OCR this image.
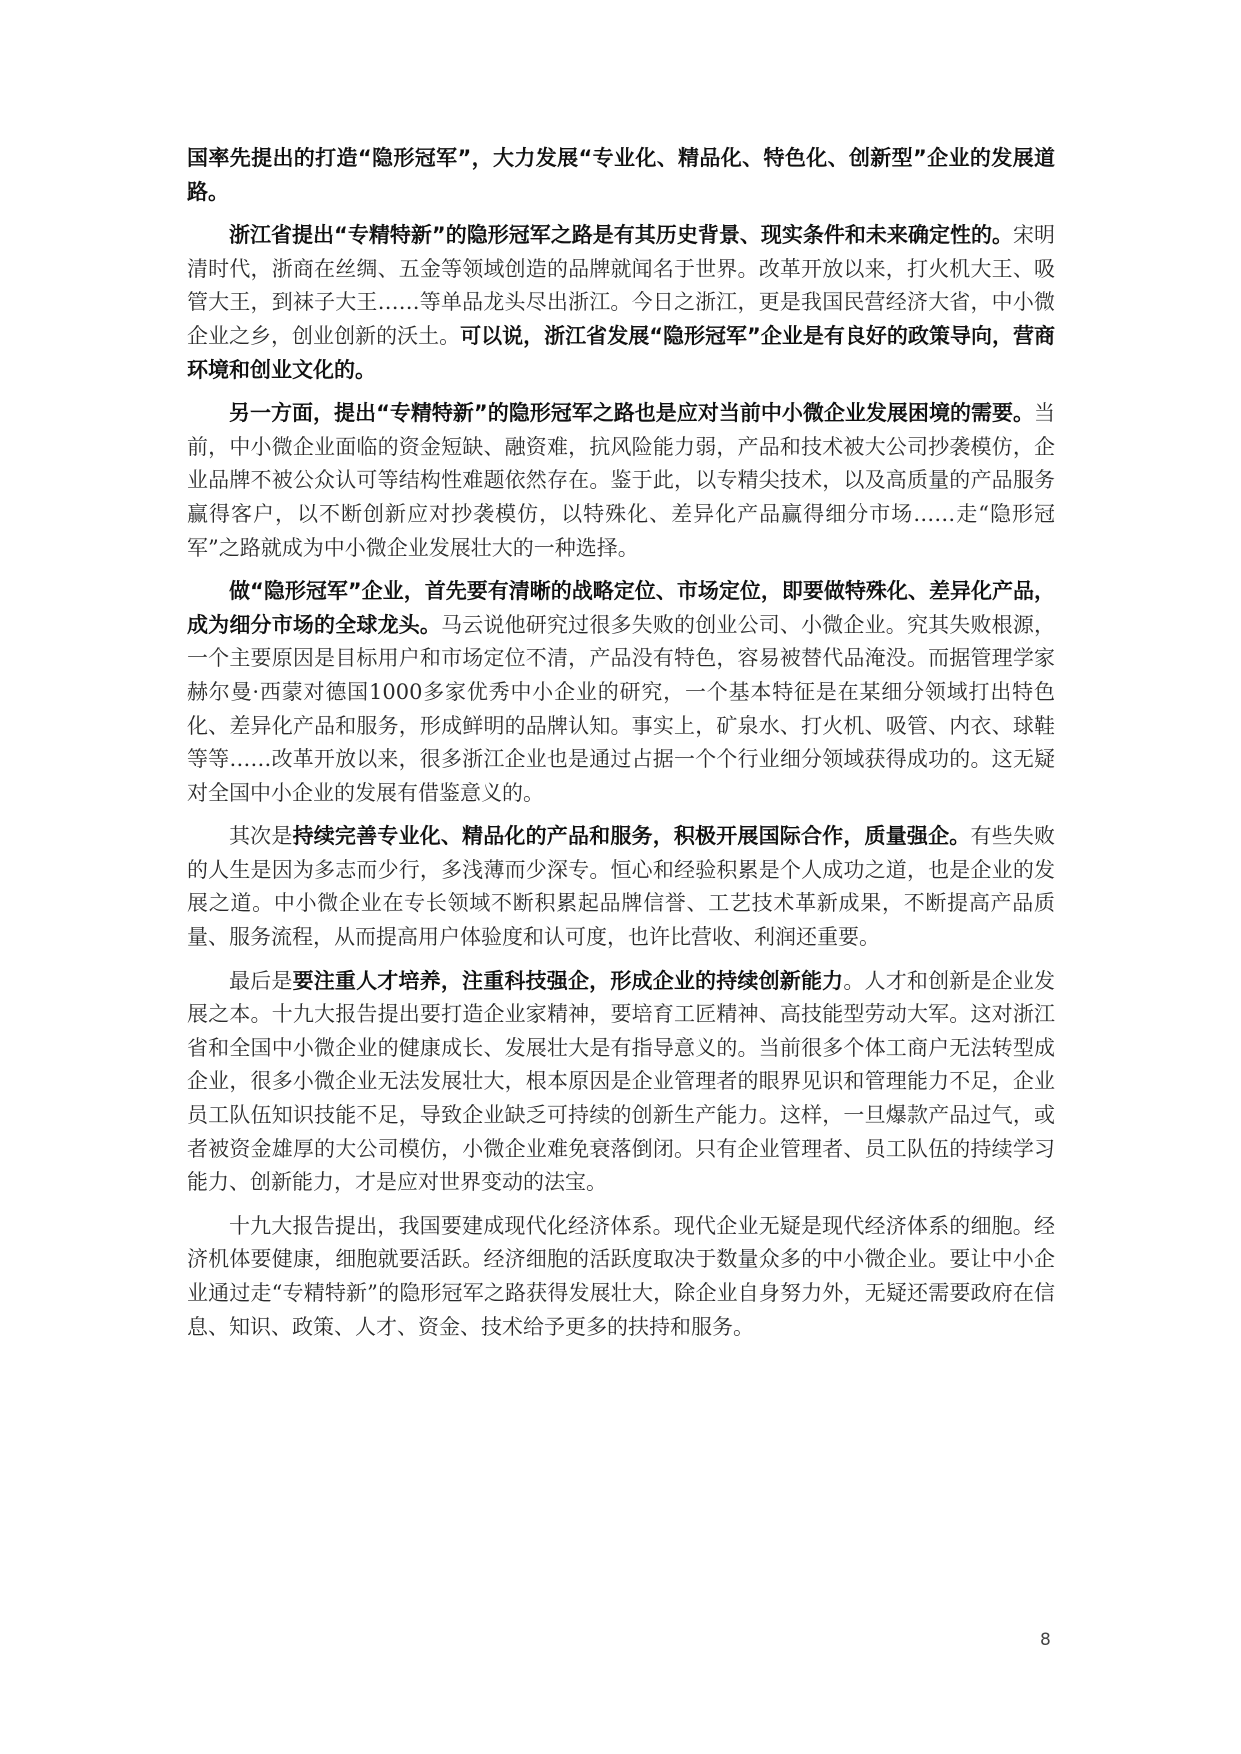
国率先提出的打造“隐形冠军”，大力发展“专业化、精品化、特色化、创新型”企业的发展道路。

浙江省提出“专精特新”的隐形冠军之路是有其历史背景、现实条件和未来确定性的。宋明清时代，浙商在丝绸、五金等领域创造的品牌就闻名于世界。改革开放以来，打火机大王、吸管大王，到袜子大王……等单品龙头尽出浙江。今日之浙江，更是我国民营经济大省，中小微企业之乡，创业创新的沃土。可以说，浙江省发展“隐形冠军”企业是有良好的政策导向，营商环境和创业文化的。

另一方面，提出“专精特新”的隐形冠军之路也是应对当前中小微企业发展困境的需要。当前，中小微企业面临的资金短缺、融资难，抗风险能力弱，产品和技术被大公司抄袭模仿，企业品牌不被公众认可等结构性难题依然存在。鉴于此，以专精尖技术，以及高质量的产品服务赢得客户，以不断创新应对抄袭模仿，以特殊化、差异化产品赢得细分市场……走“隐形冠军”之路就成为中小微企业发展壮大的一种选择。

做“隐形冠军”企业，首先要有清晰的战略定位、市场定位，即要做特殊化、差异化产品，成为细分市场的全球龙头。马云说他研究过很多失败的创业公司、小微企业。究其失败根源，一个主要原因是目标用户和市场定位不清，产品没有特色，容易被替代品淹没。而据管理学家赫尔曼·西蒙对德国1000多家优秀中小企业的研究，一个基本特征是在某细分领域打出特色化、差异化产品和服务，形成鲜明的品牌认知。事实上，矿泉水、打火机、吸管、内衣、球鞋等等……改革开放以来，很多浙江企业也是通过占据一个个行业细分领域获得成功的。这无疑对全国中小企业的发展有借鉴意义的。

其次是持续完善专业化、精品化的产品和服务，积极开展国际合作，质量强企。有些失败的人生是因为多志而少行，多浅薄而少深专。恒心和经验积累是个人成功之道，也是企业的发展之道。中小微企业在专长领域不断积累起品牌信誉、工艺技术革新成果，不断提高产品质量、服务流程，从而提高用户体验度和认可度，也许比营收、利润还重要。

最后是要注重人才培养，注重科技强企，形成企业的持续创新能力。人才和创新是企业发展之本。十九大报告提出要打造企业家精神，要培育工匠精神、高技能型劳动大军。这对浙江省和全国中小微企业的健康成长、发展壮大是有指导意义的。当前很多个体工商户无法转型成企业，很多小微企业无法发展壮大，根本原因是企业管理者的眼界见识和管理能力不足，企业员工队伍知识技能不足，导致企业缺乏可持续的创新生产能力。这样，一旦爆款产品过气，或者被资金雄厚的大公司模仿，小微企业难免衰落倒闭。只有企业管理者、员工队伍的持续学习能力、创新能力，才是应对世界变动的法宝。

十九大报告提出，我国要建成现代化经济体系。现代企业无疑是现代经济体系的细胞。经济机体要健康，细胞就要活跃。经济细胞的活跃度取决于数量众多的中小微企业。要让中小企业通过走“专精特新”的隐形冠军之路获得发展壮大，除企业自身努力外，无疑还需要政府在信息、知识、政策、人才、资金、技术给予更多的扶持和服务。

8
